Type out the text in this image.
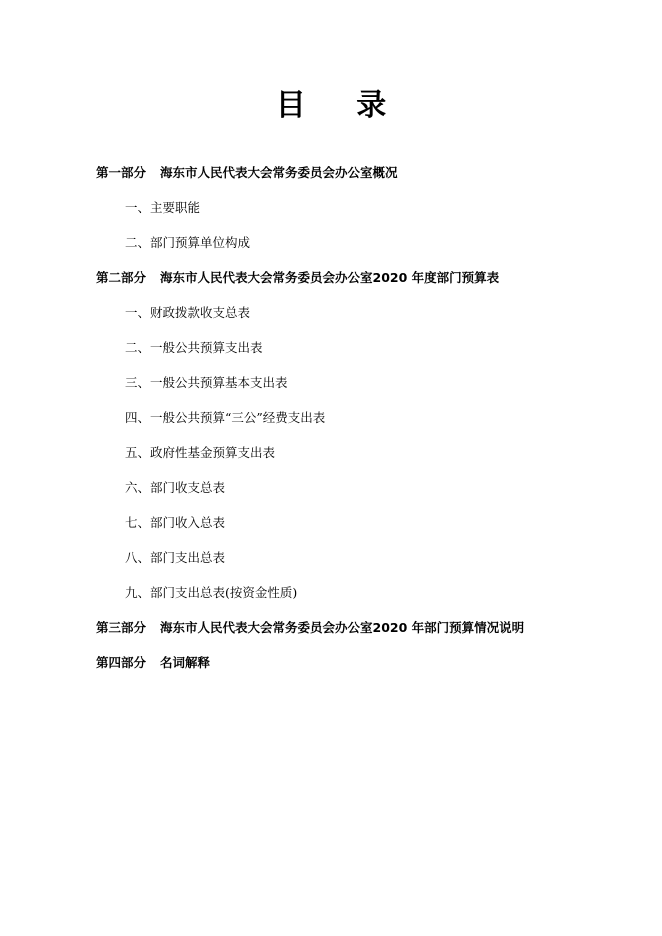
目 录
第一部分 海东市人民代表大会常务委员会办公室概况
一、主要职能
二、部门预算单位构成
第二部分 海东市人民代表大会常务委员会办公室2020 年度部门预算表
一、财政拨款收支总表
二、一般公共预算支出表
三、一般公共预算基本支出表
四、一般公共预算“三公”经费支出表
五、政府性基金预算支出表
六、部门收支总表
七、部门收入总表
八、部门支出总表
九、部门支出总表(按资金性质)
第三部分 海东市人民代表大会常务委员会办公室2020 年部门预算情况说明
第四部分 名词解释
